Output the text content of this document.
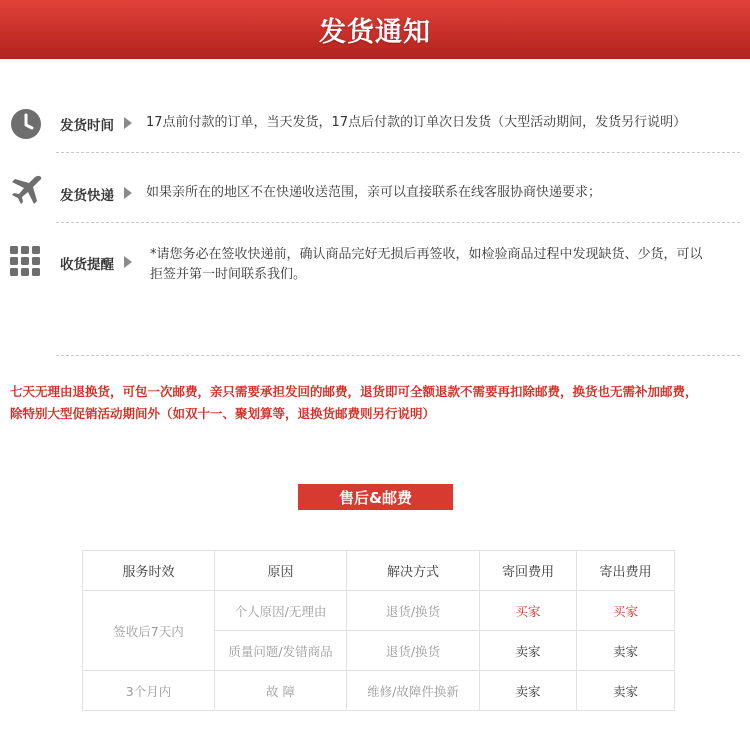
发货通知
发货时间 17点前付款的订单，当天发货，17点后付款的订单次日发货（大型活动期间，发货另行说明）
发货快递 如果亲所在的地区不在快递收送范围，亲可以直接联系在线客服协商快递要求；
收货提醒
*请您务必在签收快递前，确认商品完好无损后再签收，如检验商品过程中发现缺货、少货，可以
拒签并第一时间联系我们。
七天无理由退换货，可包一次邮费，亲只需要承担发回的邮费，退货即可全额退款不需要再扣除邮费，换货也无需补加邮费，
除特别大型促销活动期间外（如双十一、聚划算等，退换货邮费则另行说明）
售后&邮费
服务时效	原因	解决方式	寄回费用	寄出费用
签收后7天内	个人原因/无理由	退货/换货	买家	买家
	质量问题/发错商品	退货/换货	卖家	卖家
3个月内	故 障	维修/故障件换新	卖家	卖家
